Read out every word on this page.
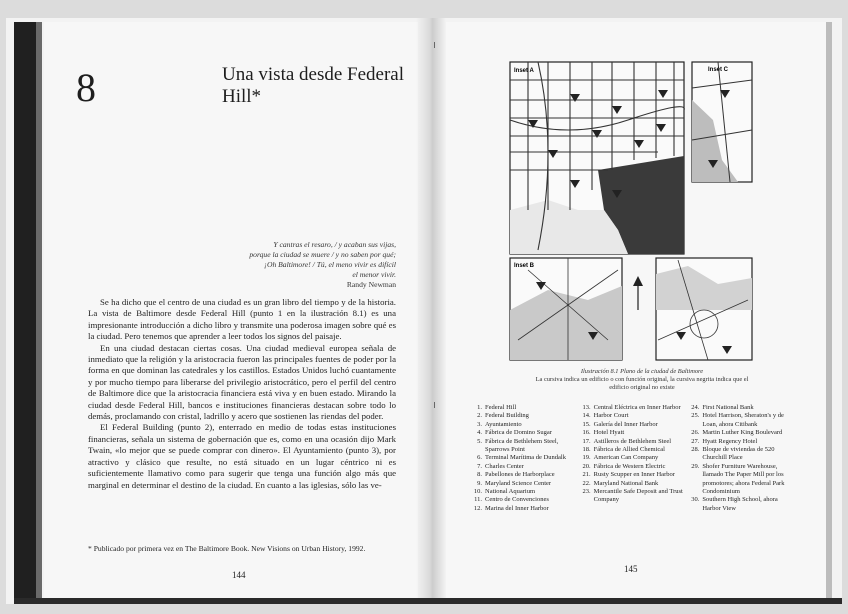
8	Una vista desde Federal Hill*
Y cantras el resaro, / y acaban sus vijas,
porque la ciudad se muere / y no saben por qué;
¡Oh Baltimore! / Tú, el meno vivir es difícil
el menor vivir.
Randy Newman

Se ha dicho que el centro de una ciudad es un gran libro del tiempo y de la historia. La vista de Baltimore desde Federal Hill (punto 1 en la ilustración 8.1) es una impresionante introducción a dicho libro y transmite una poderosa imagen sobre qué es la ciudad. Pero tenemos que aprender a leer todos los signos del paisaje.

En una ciudad destacan ciertas cosas. Una ciudad medieval europea señala de inmediato que la religión y la aristocracia fueron las principales fuentes de poder por la forma en que dominan las catedrales y los castillos. Estados Unidos luchó cuantamente y por mucho tiempo para liberarse del privilegio aristocrático, pero el perfil del centro de Baltimore dice que la aristocracia financiera está viva y en buen estado. Mirando la ciudad desde Federal Hill, bancos e instituciones financieras destacan sobre todo lo demás, proclamando con cristal, ladrillo y acero que sostienen las riendas del poder.

El Federal Building (punto 2), enterrado en medio de todas estas instituciones financieras, señala un sistema de gobernación que es, como en una ocasión dijo Mark Twain, «lo mejor que se puede comprar con dinero». El Ayuntamiento (punto 3), por atractivo y clásico que resulte, no está situado en un lugar céntrico ni es suficientemente llamativo como para sugerir que tenga una función algo más que marginal en determinar el destino de la ciudad. En cuanto a las iglesias, sólo las ve-

* Publicado por primera vez en The Baltimore Book. New Visions on Urban History, 1992.
144
Inset A	Inset C
Inset B
Ilustración 8.1 Plano de la ciudad de Baltimore
La cursiva indica un edificio o con función original, la cursiva negrita indica que el edificio original no existe
1. Federal Hill
2. Federal Building
3. Ayuntamiento
4. Fábrica de Domino Sugar
5. Fábrica de Bethlehem Steel, Sparrows Point
6. Terminal Marítima de Dundalk
7. Charles Center
8. Pabellones de Harborplace
9. Maryland Science Center
10. National Aquarium
11. Centro de Convenciones
12. Marina del Inner Harbor
13. Central Eléctrica en Inner Harbor
14. Harbor Court
15. Galería del Inner Harbor
16. Hotel Hyatt
17. Astilleros de Bethlehem Steel
18. Fábrica de Allied Chemical
19. American Can Company
20. Fábrica de Western Electric
21. Rusty Scupper en Inner Harbor
22. Maryland National Bank
23. Mercantile Safe Deposit and Trust Company
24. First National Bank
25. Hotel Harrison, Sheraton's y de Loan, ahora Citibank
26. Martin Luther King Boulevard
27. Hyatt Regency Hotel
28. Bloque de viviendas de 520 Churchill Place
29. Shofer Furniture Warehouse, llamado The Paper Mill por los promotores; ahora Federal Park Condominium
30. Southern High School, ahora Harbor View
145
